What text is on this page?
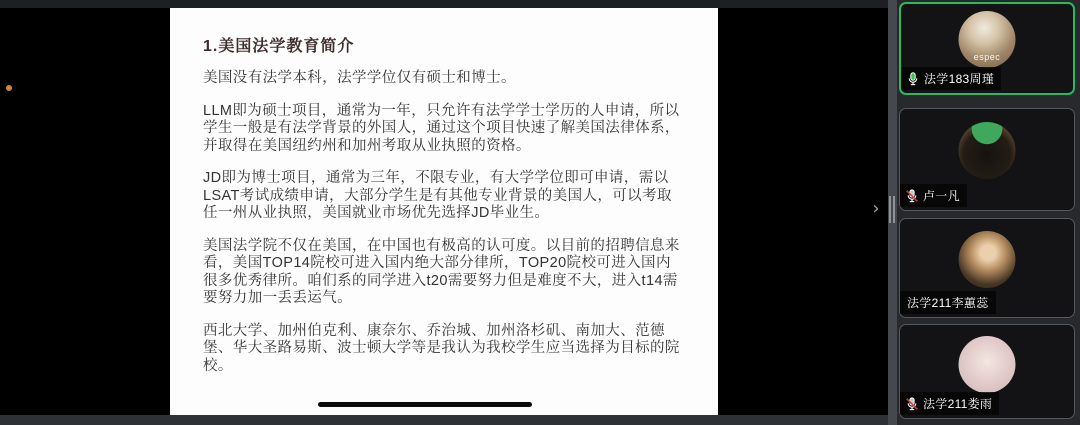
1.美国法学教育简介

美国没有法学本科，法学学位仅有硕士和博士。

LLM即为硕士项目，通常为一年，只允许有法学学士学历的人申请，所以学生一般是有法学背景的外国人，通过这个项目快速了解美国法律体系，并取得在美国纽约州和加州考取从业执照的资格。

JD即为博士项目，通常为三年，不限专业，有大学学位即可申请，需以LSAT考试成绩申请，大部分学生是有其他专业背景的美国人，可以考取任一州从业执照，美国就业市场优先选择JD毕业生。

美国法学院不仅在美国，在中国也有极高的认可度。以目前的招聘信息来看，美国TOP14院校可进入国内绝大部分律所，TOP20院校可进入国内很多优秀律所。咱们系的同学进入t20需要努力但是难度不大，进入t14需要努力加一丢丢运气。

西北大学、加州伯克利、康奈尔、乔治城、加州洛杉矶、南加大、范德堡、华大圣路易斯、波士顿大学等是我认为我校学生应当选择为目标的院校。

›
espec
法学183周瑾
卢一凡
法学211李蕙蕊
法学211娄雨
